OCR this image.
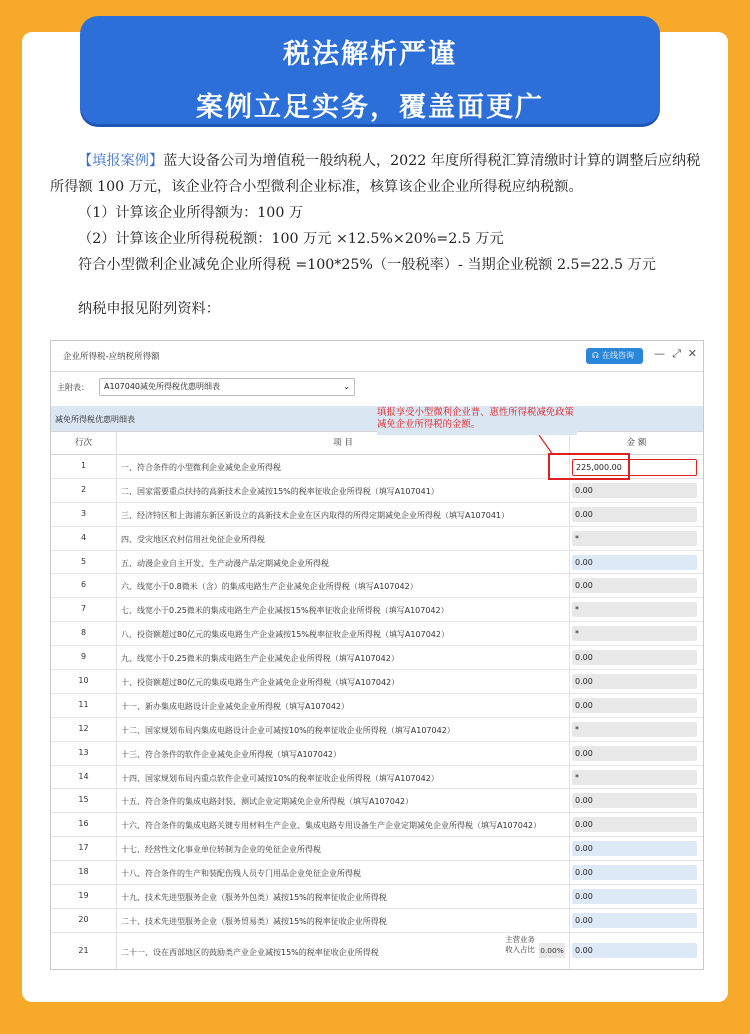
税法解析严谨
案例立足实务，覆盖面更广

【填报案例】蓝大设备公司为增值税一般纳税人，2022 年度所得税汇算清缴时计算的调整后应纳税所得额 100 万元，该企业符合小型微利企业标准，核算该企业企业所得税应纳税额。

（1）计算该企业所得额为：100 万

（2）计算该企业所得税税额：100 万元 ×12.5%×20%=2.5 万元

符合小型微利企业减免企业所得税 =100*25%（一般税率）- 当期企业税额 2.5=22.5 万元

纳税申报见附列资料：

企业所得税-应纳税所得额	☊ 在线咨询	— ⤢ ✕
主附表：	A107040减免所得税优惠明细表	⌄
减免所得税优惠明细表
填报享受小型微利企业普、惠性所得税减免政策减免企业所得税的金额。
行次	项 目	金 额
1	一、符合条件的小型微利企业减免企业所得税	225,000.00
2	二、国家需要重点扶持的高新技术企业减按15%的税率征收企业所得税（填写A107041）	0.00
3	三、经济特区和上海浦东新区新设立的高新技术企业在区内取得的所得定期减免企业所得税（填写A107041）	0.00
4	四、受灾地区农村信用社免征企业所得税	*
5	五、动漫企业自主开发、生产动漫产品定期减免企业所得税	0.00
6	六、线宽小于0.8微米（含）的集成电路生产企业减免企业所得税（填写A107042）	0.00
7	七、线宽小于0.25微米的集成电路生产企业减按15%税率征收企业所得税（填写A107042）	*
8	八、投资额超过80亿元的集成电路生产企业减按15%税率征收企业所得税（填写A107042）	*
9	九、线宽小于0.25微米的集成电路生产企业减免企业所得税（填写A107042）	0.00
10	十、投资额超过80亿元的集成电路生产企业减免企业所得税（填写A107042）	0.00
11	十一、新办集成电路设计企业减免企业所得税（填写A107042）	0.00
12	十二、国家规划布局内集成电路设计企业可减按10%的税率征收企业所得税（填写A107042）	*
13	十三、符合条件的软件企业减免企业所得税（填写A107042）	0.00
14	十四、国家规划布局内重点软件企业可减按10%的税率征收企业所得税（填写A107042）	*
15	十五、符合条件的集成电路封装、测试企业定期减免企业所得税（填写A107042）	0.00
16	十六、符合条件的集成电路关键专用材料生产企业、集成电路专用设备生产企业定期减免企业所得税（填写A107042）	0.00
17	十七、经营性文化事业单位转制为企业的免征企业所得税	0.00
18	十八、符合条件的生产和装配伤残人员专门用品企业免征企业所得税	0.00
19	十九、技术先进型服务企业（服务外包类）减按15%的税率征收企业所得税	0.00
20	二十、技术先进型服务企业（服务贸易类）减按15%的税率征收企业所得税	0.00
21	二十一、设在西部地区的鼓励类产业企业减按15%的税率征收企业所得税
主营业务收入占比 0.00%	0.00
